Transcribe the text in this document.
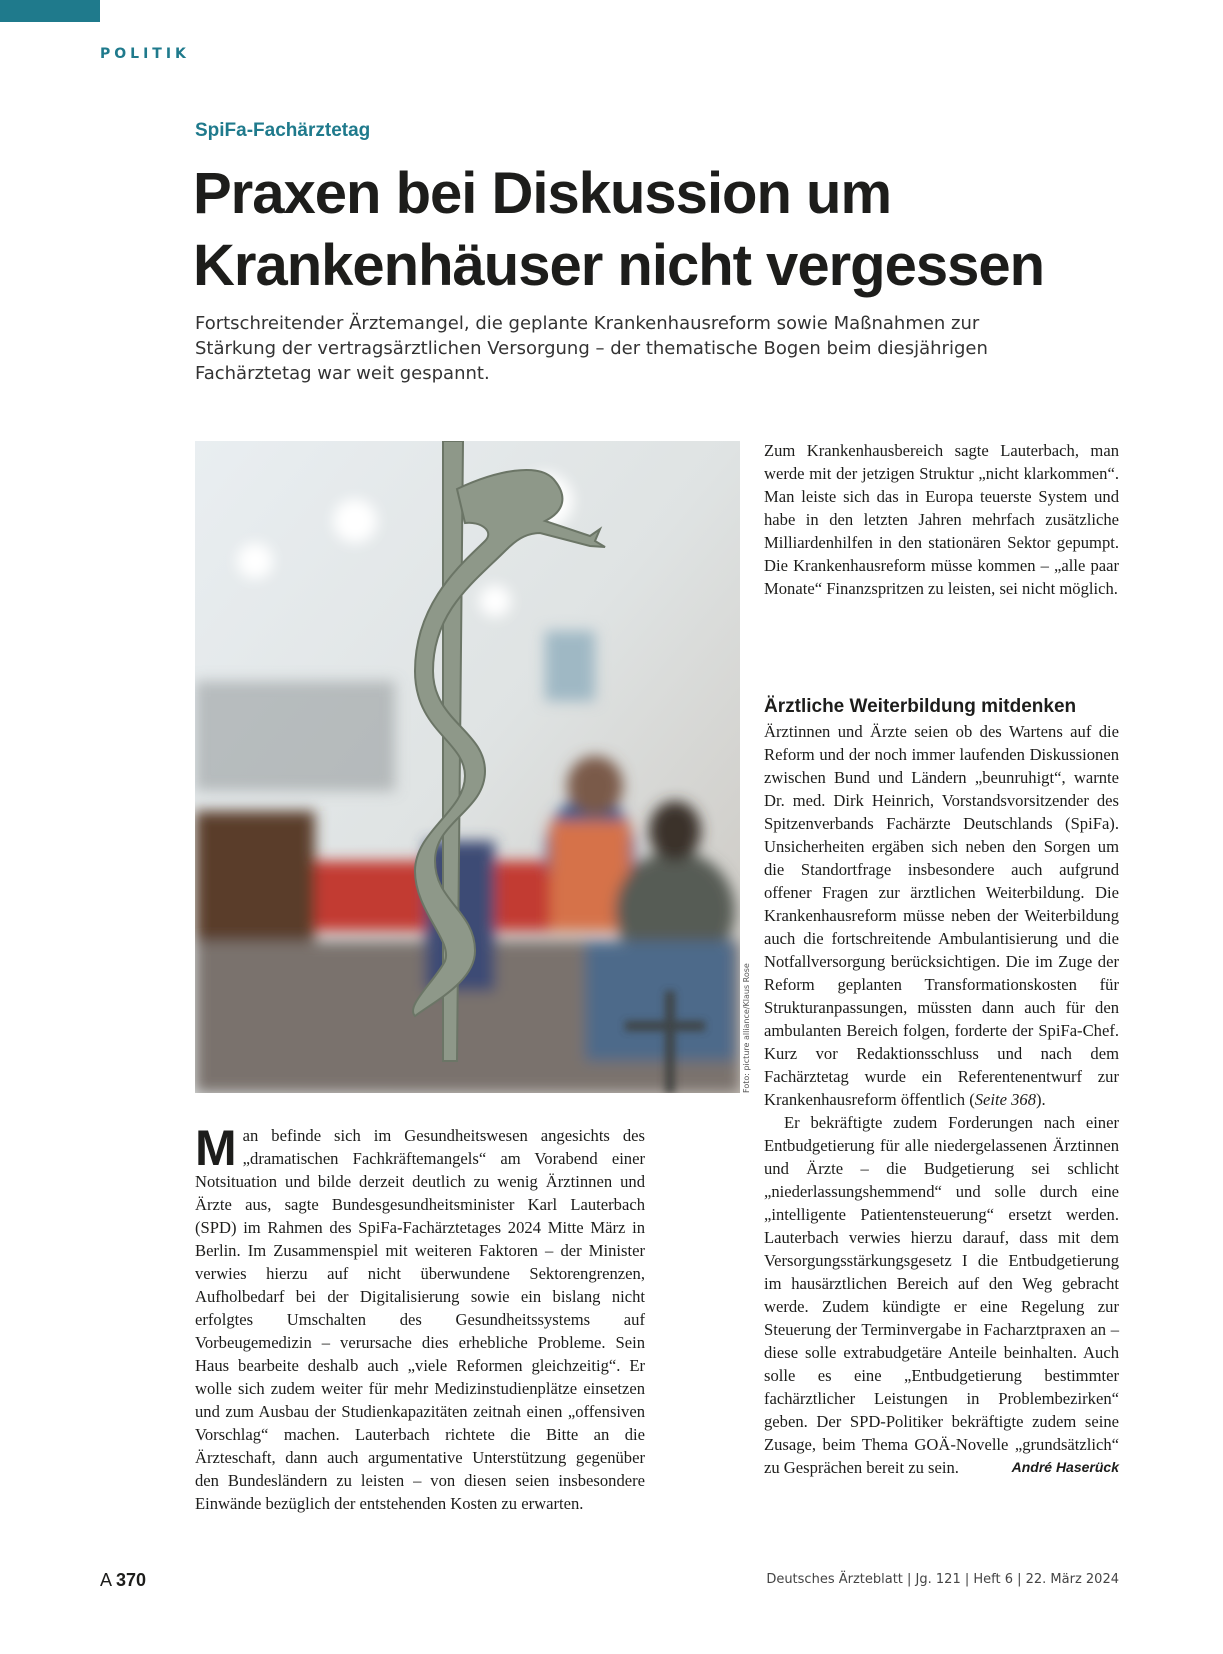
POLITIK
SpiFa-Fachärztetag
Praxen bei Diskussion um Krankenhäuser nicht vergessen

Fortschreitender Ärztemangel, die geplante Krankenhausreform sowie Maßnahmen zur Stärkung der vertragsärztlichen Versorgung – der thematische Bogen beim diesjährigen Fachärztetag war weit gespannt.

Foto: picture alliance/Klaus Rose

Man befinde sich im Gesundheitswesen angesichts des „dramatischen Fachkräftemangels“ am Vorabend einer Notsituation und bilde derzeit deutlich zu wenig Ärztinnen und Ärzte aus, sagte Bundesgesundheitsminister Karl Lauterbach (SPD) im Rahmen des SpiFa-Fachärztetages 2024 Mitte März in Berlin. Im Zusammenspiel mit weiteren Faktoren – der Minister verwies hierzu auf nicht überwundene Sektorengrenzen, Aufholbedarf bei der Digitalisierung sowie ein bislang nicht erfolgtes Umschalten des Gesundheitssystems auf Vorbeugemedizin – verursache dies erhebliche Probleme. Sein Haus bearbeite deshalb auch „viele Reformen gleichzeitig“. Er wolle sich zudem weiter für mehr Medizinstudienplätze einsetzen und zum Ausbau der Studienkapazitäten zeitnah einen „offensiven Vorschlag“ machen. Lauterbach richtete die Bitte an die Ärzteschaft, dann auch argumentative Unterstützung gegenüber den Bundesländern zu leisten – von diesen seien insbesondere Einwände bezüglich der entstehenden Kosten zu erwarten.

Zum Krankenhausbereich sagte Lauterbach, man werde mit der jetzigen Struktur „nicht klarkommen“. Man leiste sich das in Europa teuerste System und habe in den letzten Jahren mehrfach zusätzliche Milliardenhilfen in den stationären Sektor gepumpt. Die Krankenhausreform müsse kommen – „alle paar Monate“ Finanzspritzen zu leisten, sei nicht möglich.

Ärztliche Weiterbildung mitdenken

Ärztinnen und Ärzte seien ob des Wartens auf die Reform und der noch immer laufenden Diskussionen zwischen Bund und Ländern „beunruhigt“, warnte Dr. med. Dirk Heinrich, Vorstandsvorsitzender des Spitzenverbands Fachärzte Deutschlands (SpiFa). Unsicherheiten ergäben sich neben den Sorgen um die Standortfrage insbesondere auch aufgrund offener Fragen zur ärztlichen Weiterbildung. Die Krankenhausreform müsse neben der Weiterbildung auch die fortschreitende Ambulantisierung und die Notfallversorgung berücksichtigen. Die im Zuge der Reform geplanten Transformationskosten für Strukturanpassungen, müssten dann auch für den ambulanten Bereich folgen, forderte der SpiFa-Chef. Kurz vor Redaktionsschluss und nach dem Fachärztetag wurde ein Referentenentwurf zur Krankenhausreform öffentlich (Seite 368).

Er bekräftigte zudem Forderungen nach einer Entbudgetierung für alle niedergelassenen Ärztinnen und Ärzte – die Budgetierung sei schlicht „niederlassungshemmend“ und solle durch eine „intelligente Patientensteuerung“ ersetzt werden. Lauterbach verwies hierzu darauf, dass mit dem Versorgungsstärkungsgesetz I die Entbudgetierung im hausärztlichen Bereich auf den Weg gebracht werde. Zudem kündigte er eine Regelung zur Steuerung der Terminvergabe in Facharztpraxen an – diese solle extrabudgetäre Anteile beinhalten. Auch solle es eine „Entbudgetierung bestimmter fachärztlicher Leistungen in Problembezirken“ geben. Der SPD-Politiker bekräftigte zudem seine Zusage, beim Thema GOÄ-Novelle „grundsätzlich“ zu Gesprächen bereit zu sein.	André Haserück

A 370	Deutsches Ärzteblatt | Jg. 121 | Heft 6 | 22. März 2024
